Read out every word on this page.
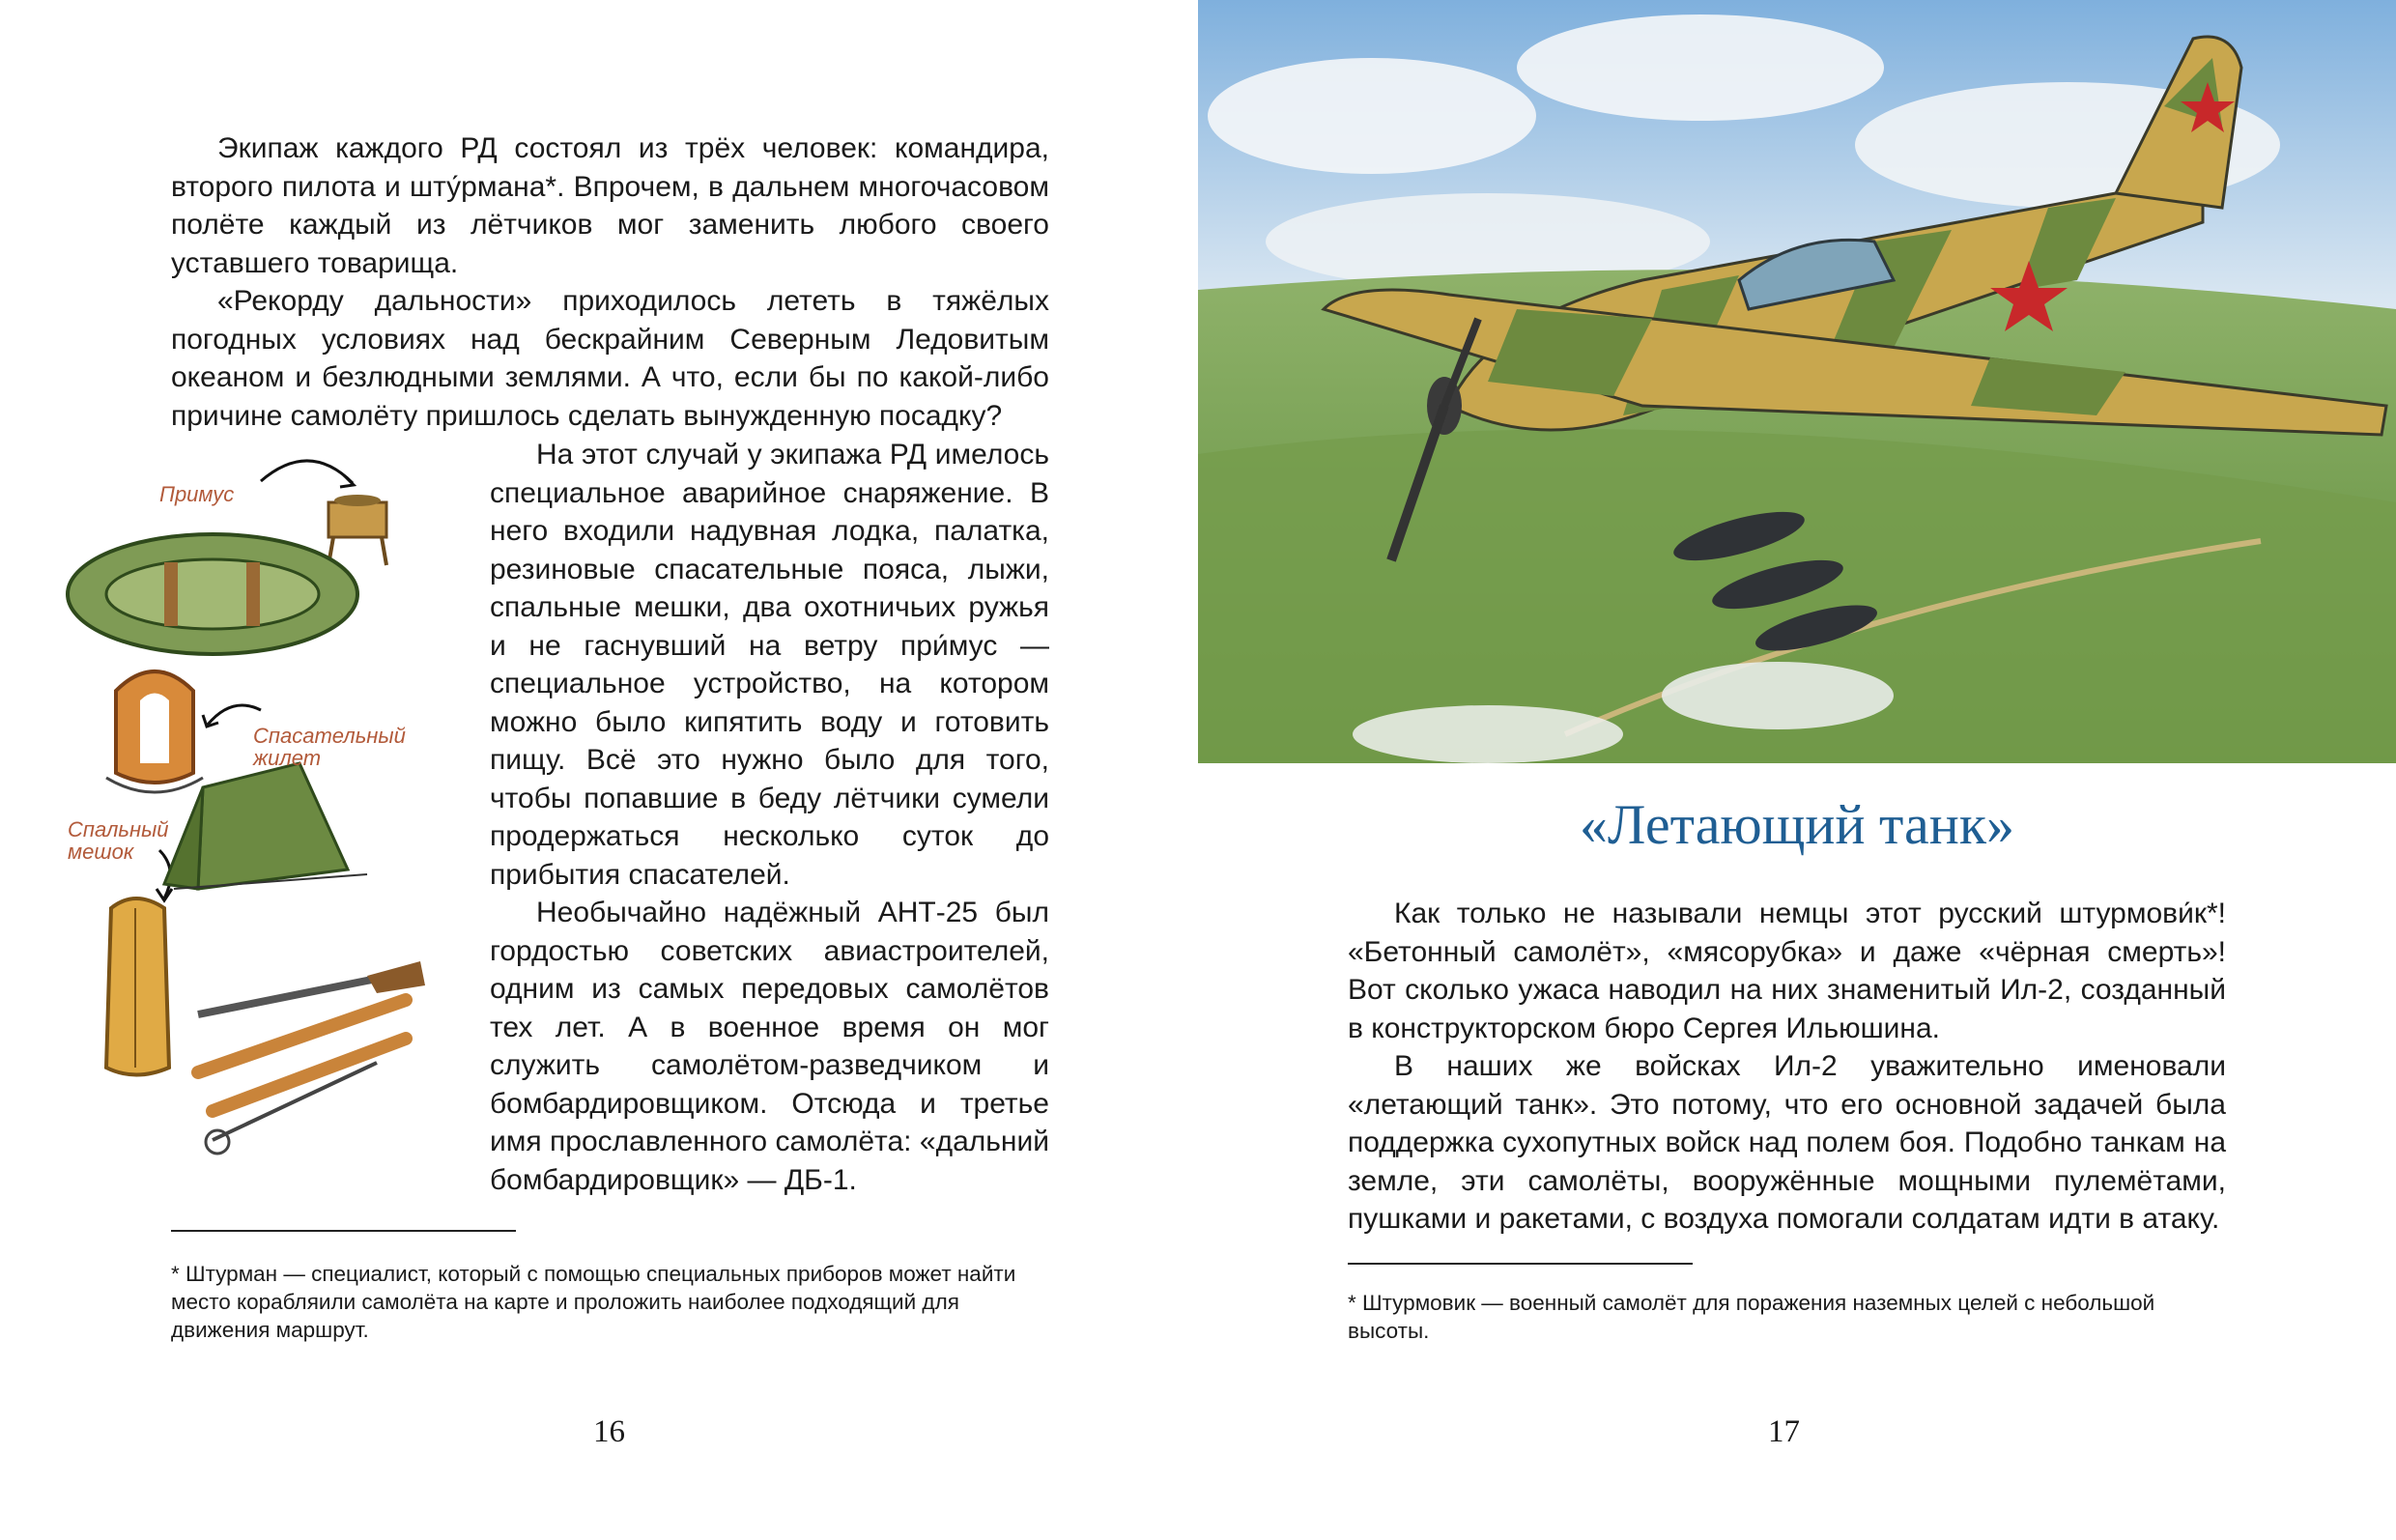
Экипаж каждого РД состоял из трёх человек: командира, второго пилота и шту́рмана*. Впрочем, в дальнем многочасовом полёте каждый из лётчиков мог заменить любого своего уставшего товарища.

«Рекорду дальности» приходилось лететь в тяжёлых погодных условиях над бескрайним Северным Ледовитым океаном и безлюдными землями. А что, если бы по какой-либо причине самолёту пришлось сделать вынужденную посадку?

На этот случай у экипажа РД имелось специальное аварийное снаряжение. В него входили надувная лодка, палатка, резиновые спасательные пояса, лыжи, спальные мешки, два охотничьих ружья и не гаснувший на ветру при́мус — специальное устройство, на котором можно было кипятить воду и готовить пищу. Всё это нужно было для того, чтобы попавшие в беду лётчики сумели продержаться несколько суток до прибытия спасателей.

Необычайно надёжный АНТ-25 был гордостью советских авиастроителей, одним из самых передовых самолётов тех лет. А в военное время он мог служить самолётом-разведчиком и бомбардировщиком. Отсюда и третье имя прославленного самолёта: «дальний бомбардировщик» — ДБ-1.

Примус
Спасательный
жилет
Спальный
мешок
* Штурман — специалист, который с помощью специальных приборов может найти место корабляили самолёта на карте и проложить наиболее подходящий для движения маршрут.
16
«Летающий танк»

Как только не называли немцы этот русский штурмови́к*! «Бетонный самолёт», «мясорубка» и даже «чёрная смерть»! Вот сколько ужаса наводил на них знаменитый Ил-2, созданный в конструкторском бюро Сергея Ильюшина.

В наших же войсках Ил-2 уважительно именовали «летающий танк». Это потому, что его основной задачей была поддержка сухопутных войск над полем боя. Подобно танкам на земле, эти самолёты, вооружённые мощными пулемётами, пушками и ракетами, с воздуха помогали солдатам идти в атаку.

* Штурмовик — военный самолёт для поражения наземных целей с небольшой высоты.
17
